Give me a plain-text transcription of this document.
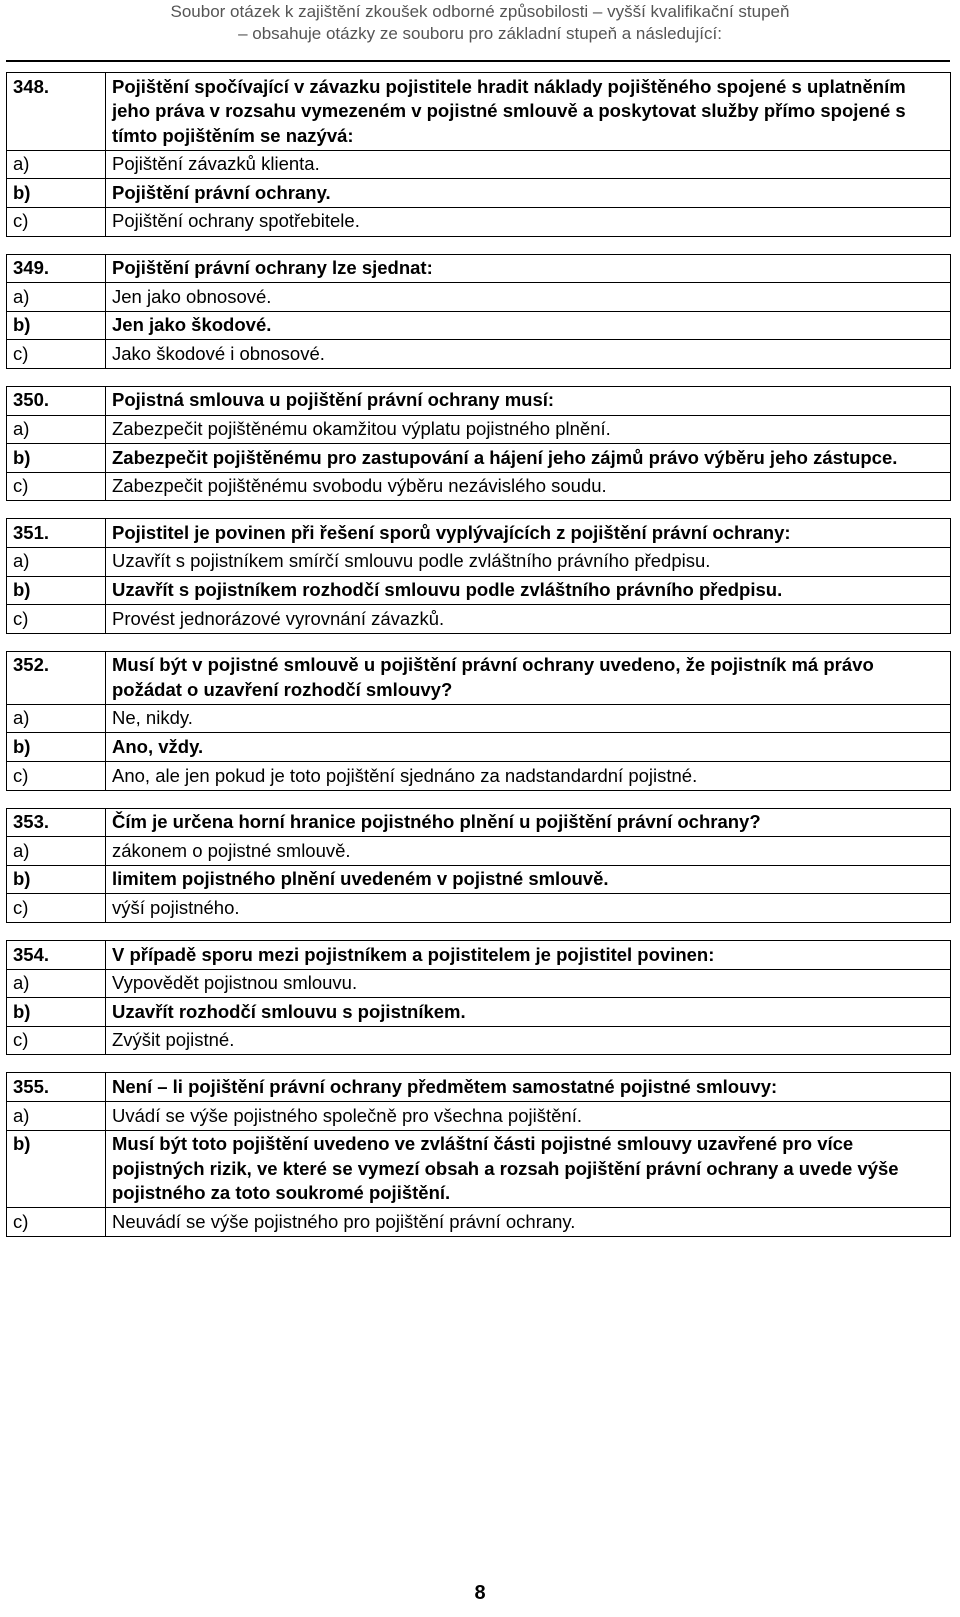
Soubor otázek k zajištění zkoušek odborné způsobilosti – vyšší kvalifikační stupeň
– obsahuje otázky ze souboru pro základní stupeň a následující:
348.	Pojištění spočívající v závazku pojistitele hradit náklady pojištěného spojené s uplatněním jeho práva v rozsahu vymezeném v pojistné smlouvě a poskytovat služby přímo spojené s tímto pojištěním se nazývá:
a)	Pojištění závazků klienta.
b)	Pojištění právní ochrany.
c)	Pojištění ochrany spotřebitele.
349.	Pojištění právní ochrany lze sjednat:
a)	Jen jako obnosové.
b)	Jen jako škodové.
c)	Jako škodové i obnosové.
350.	Pojistná smlouva u pojištění právní ochrany musí:
a)	Zabezpečit pojištěnému okamžitou výplatu pojistného plnění.
b)	Zabezpečit pojištěnému pro zastupování a hájení jeho zájmů právo výběru jeho zástupce.
c)	Zabezpečit pojištěnému svobodu výběru nezávislého soudu.
351.	Pojistitel je povinen při řešení sporů vyplývajících z pojištění právní ochrany:
a)	Uzavřít s pojistníkem smírčí smlouvu podle zvláštního právního předpisu.
b)	Uzavřít s pojistníkem rozhodčí smlouvu podle zvláštního právního předpisu.
c)	Provést jednorázové vyrovnání závazků.
352.	Musí být v pojistné smlouvě u pojištění právní ochrany uvedeno, že pojistník má právo požádat o uzavření rozhodčí smlouvy?
a)	Ne, nikdy.
b)	Ano, vždy.
c)	Ano, ale jen pokud je toto pojištění sjednáno za nadstandardní pojistné.
353.	Čím je určena horní hranice pojistného plnění u pojištění právní ochrany?
a)	zákonem o pojistné smlouvě.
b)	limitem pojistného plnění uvedeném v pojistné smlouvě.
c)	výší pojistného.
354.	V případě sporu mezi pojistníkem a pojistitelem je pojistitel povinen:
a)	Vypovědět pojistnou smlouvu.
b)	Uzavřít rozhodčí smlouvu s pojistníkem.
c)	Zvýšit pojistné.
355.	Není – li pojištění právní ochrany předmětem samostatné pojistné smlouvy:
a)	Uvádí se výše pojistného společně pro všechna pojištění.
b)	Musí být toto pojištění uvedeno ve zvláštní části pojistné smlouvy uzavřené pro více pojistných rizik, ve které se vymezí obsah a rozsah pojištění právní ochrany a uvede výše pojistného za toto soukromé pojištění.
c)	Neuvádí se výše pojistného pro pojištění právní ochrany.
8
